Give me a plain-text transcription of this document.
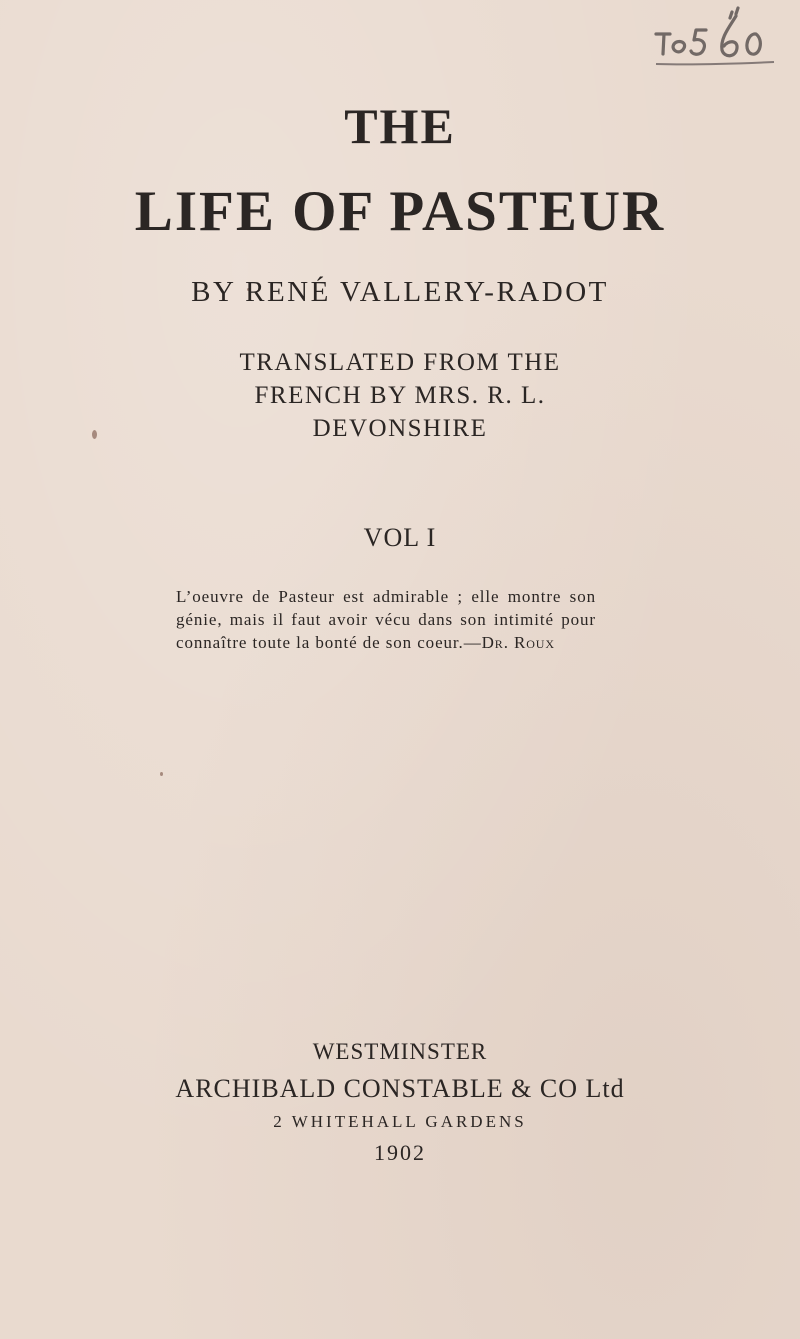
THE
LIFE OF PASTEUR

BY RENÉ VALLERY-RADOT

TRANSLATED FROM THE
FRENCH BY MRS. R. L.
DEVONSHIRE

VOL I

L’oeuvre de Pasteur est admirable ; elle montre son
génie, mais il faut avoir vécu dans son intimité pour
connaître toute la bonté de son coeur.—Dr. Roux

WESTMINSTER

ARCHIBALD CONSTABLE & CO Ltd

2 WHITEHALL GARDENS

1902
